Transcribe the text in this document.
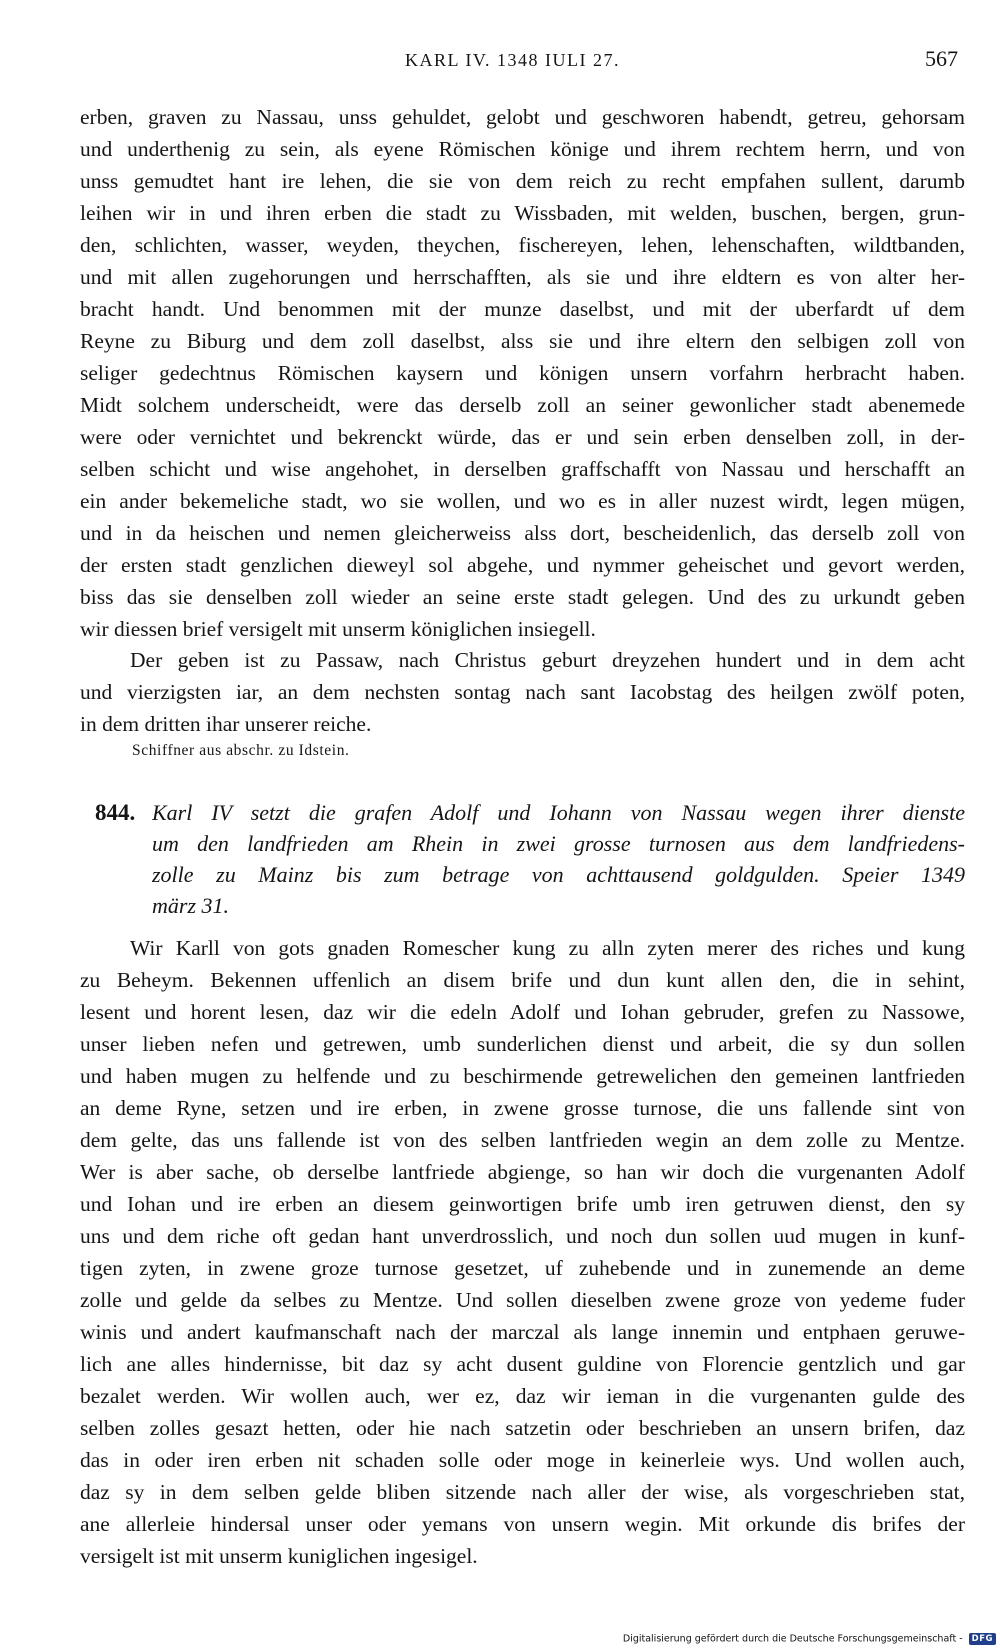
KARL IV. 1348 IULI 27.	567
erben, graven zu Nassau, unss gehuldet, gelobt und geschworen habendt, getreu, gehorsam
und underthenig zu sein, als eyene Römischen könige und ihrem rechtem herrn, und von
unss gemudtet hant ire lehen, die sie von dem reich zu recht empfahen sullent, darumb
leihen wir in und ihren erben die stadt zu Wissbaden, mit welden, buschen, bergen, grun-
den, schlichten, wasser, weyden, theychen, fischereyen, lehen, lehenschaften, wildtbanden,
und mit allen zugehorungen und herrschafften, als sie und ihre eldtern es von alter her-
bracht handt. Und benommen mit der munze daselbst, und mit der uberfardt uf dem
Reyne zu Biburg und dem zoll daselbst, alss sie und ihre eltern den selbigen zoll von
seliger gedechtnus Römischen kaysern und königen unsern vorfahrn herbracht haben.
Midt solchem underscheidt, were das derselb zoll an seiner gewonlicher stadt abenemede
were oder vernichtet und bekrenckt würde, das er und sein erben denselben zoll, in der-
selben schicht und wise angehohet, in derselben graffschafft von Nassau und herschafft an
ein ander bekemeliche stadt, wo sie wollen, und wo es in aller nuzest wirdt, legen mügen,
und in da heischen und nemen gleicherweiss alss dort, bescheidenlich, das derselb zoll von
der ersten stadt genzlichen dieweyl sol abgehe, und nymmer geheischet und gevort werden,
biss das sie denselben zoll wieder an seine erste stadt gelegen. Und des zu urkundt geben
wir diessen brief versigelt mit unserm königlichen insiegell.
Der geben ist zu Passaw, nach Christus geburt dreyzehen hundert und in dem acht
und vierzigsten iar, an dem nechsten sontag nach sant Iacobstag des heilgen zwölf poten,
in dem dritten ihar unserer reiche.
Schiffner aus abschr. zu Idstein.
844. Karl IV setzt die grafen Adolf und Iohann von Nassau wegen ihrer dienste
um den landfrieden am Rhein in zwei grosse turnosen aus dem landfriedens-
zolle zu Mainz bis zum betrage von achttausend goldgulden. Speier 1349
märz 31.
Wir Karll von gots gnaden Romescher kung zu alln zyten merer des riches und kung
zu Beheym. Bekennen uffenlich an disem brife und dun kunt allen den, die in sehint,
lesent und horent lesen, daz wir die edeln Adolf und Iohan gebruder, grefen zu Nassowe,
unser lieben nefen und getrewen, umb sunderlichen dienst und arbeit, die sy dun sollen
und haben mugen zu helfende und zu beschirmende getrewelichen den gemeinen lantfrieden
an deme Ryne, setzen und ire erben, in zwene grosse turnose, die uns fallende sint von
dem gelte, das uns fallende ist von des selben lantfrieden wegin an dem zolle zu Mentze.
Wer is aber sache, ob derselbe lantfriede abgienge, so han wir doch die vurgenanten Adolf
und Iohan und ire erben an diesem geinwortigen brife umb iren getruwen dienst, den sy
uns und dem riche oft gedan hant unverdrosslich, und noch dun sollen uud mugen in kunf-
tigen zyten, in zwene groze turnose gesetzet, uf zuhebende und in zunemende an deme
zolle und gelde da selbes zu Mentze. Und sollen dieselben zwene groze von yedeme fuder
winis und andert kaufmanschaft nach der marczal als lange innemin und entphaen geruwe-
lich ane alles hindernisse, bit daz sy acht dusent guldine von Florencie gentzlich und gar
bezalet werden. Wir wollen auch, wer ez, daz wir ieman in die vurgenanten gulde des
selben zolles gesazt hetten, oder hie nach satzetin oder beschrieben an unsern brifen, daz
das in oder iren erben nit schaden solle oder moge in keinerleie wys. Und wollen auch,
daz sy in dem selben gelde bliben sitzende nach aller der wise, als vorgeschrieben stat,
ane allerleie hindersal unser oder yemans von unsern wegin. Mit orkunde dis brifes der
versigelt ist mit unserm kuniglichen ingesigel.
Digitalisierung gefördert durch die Deutsche Forschungsgemeinschaft - DFG
